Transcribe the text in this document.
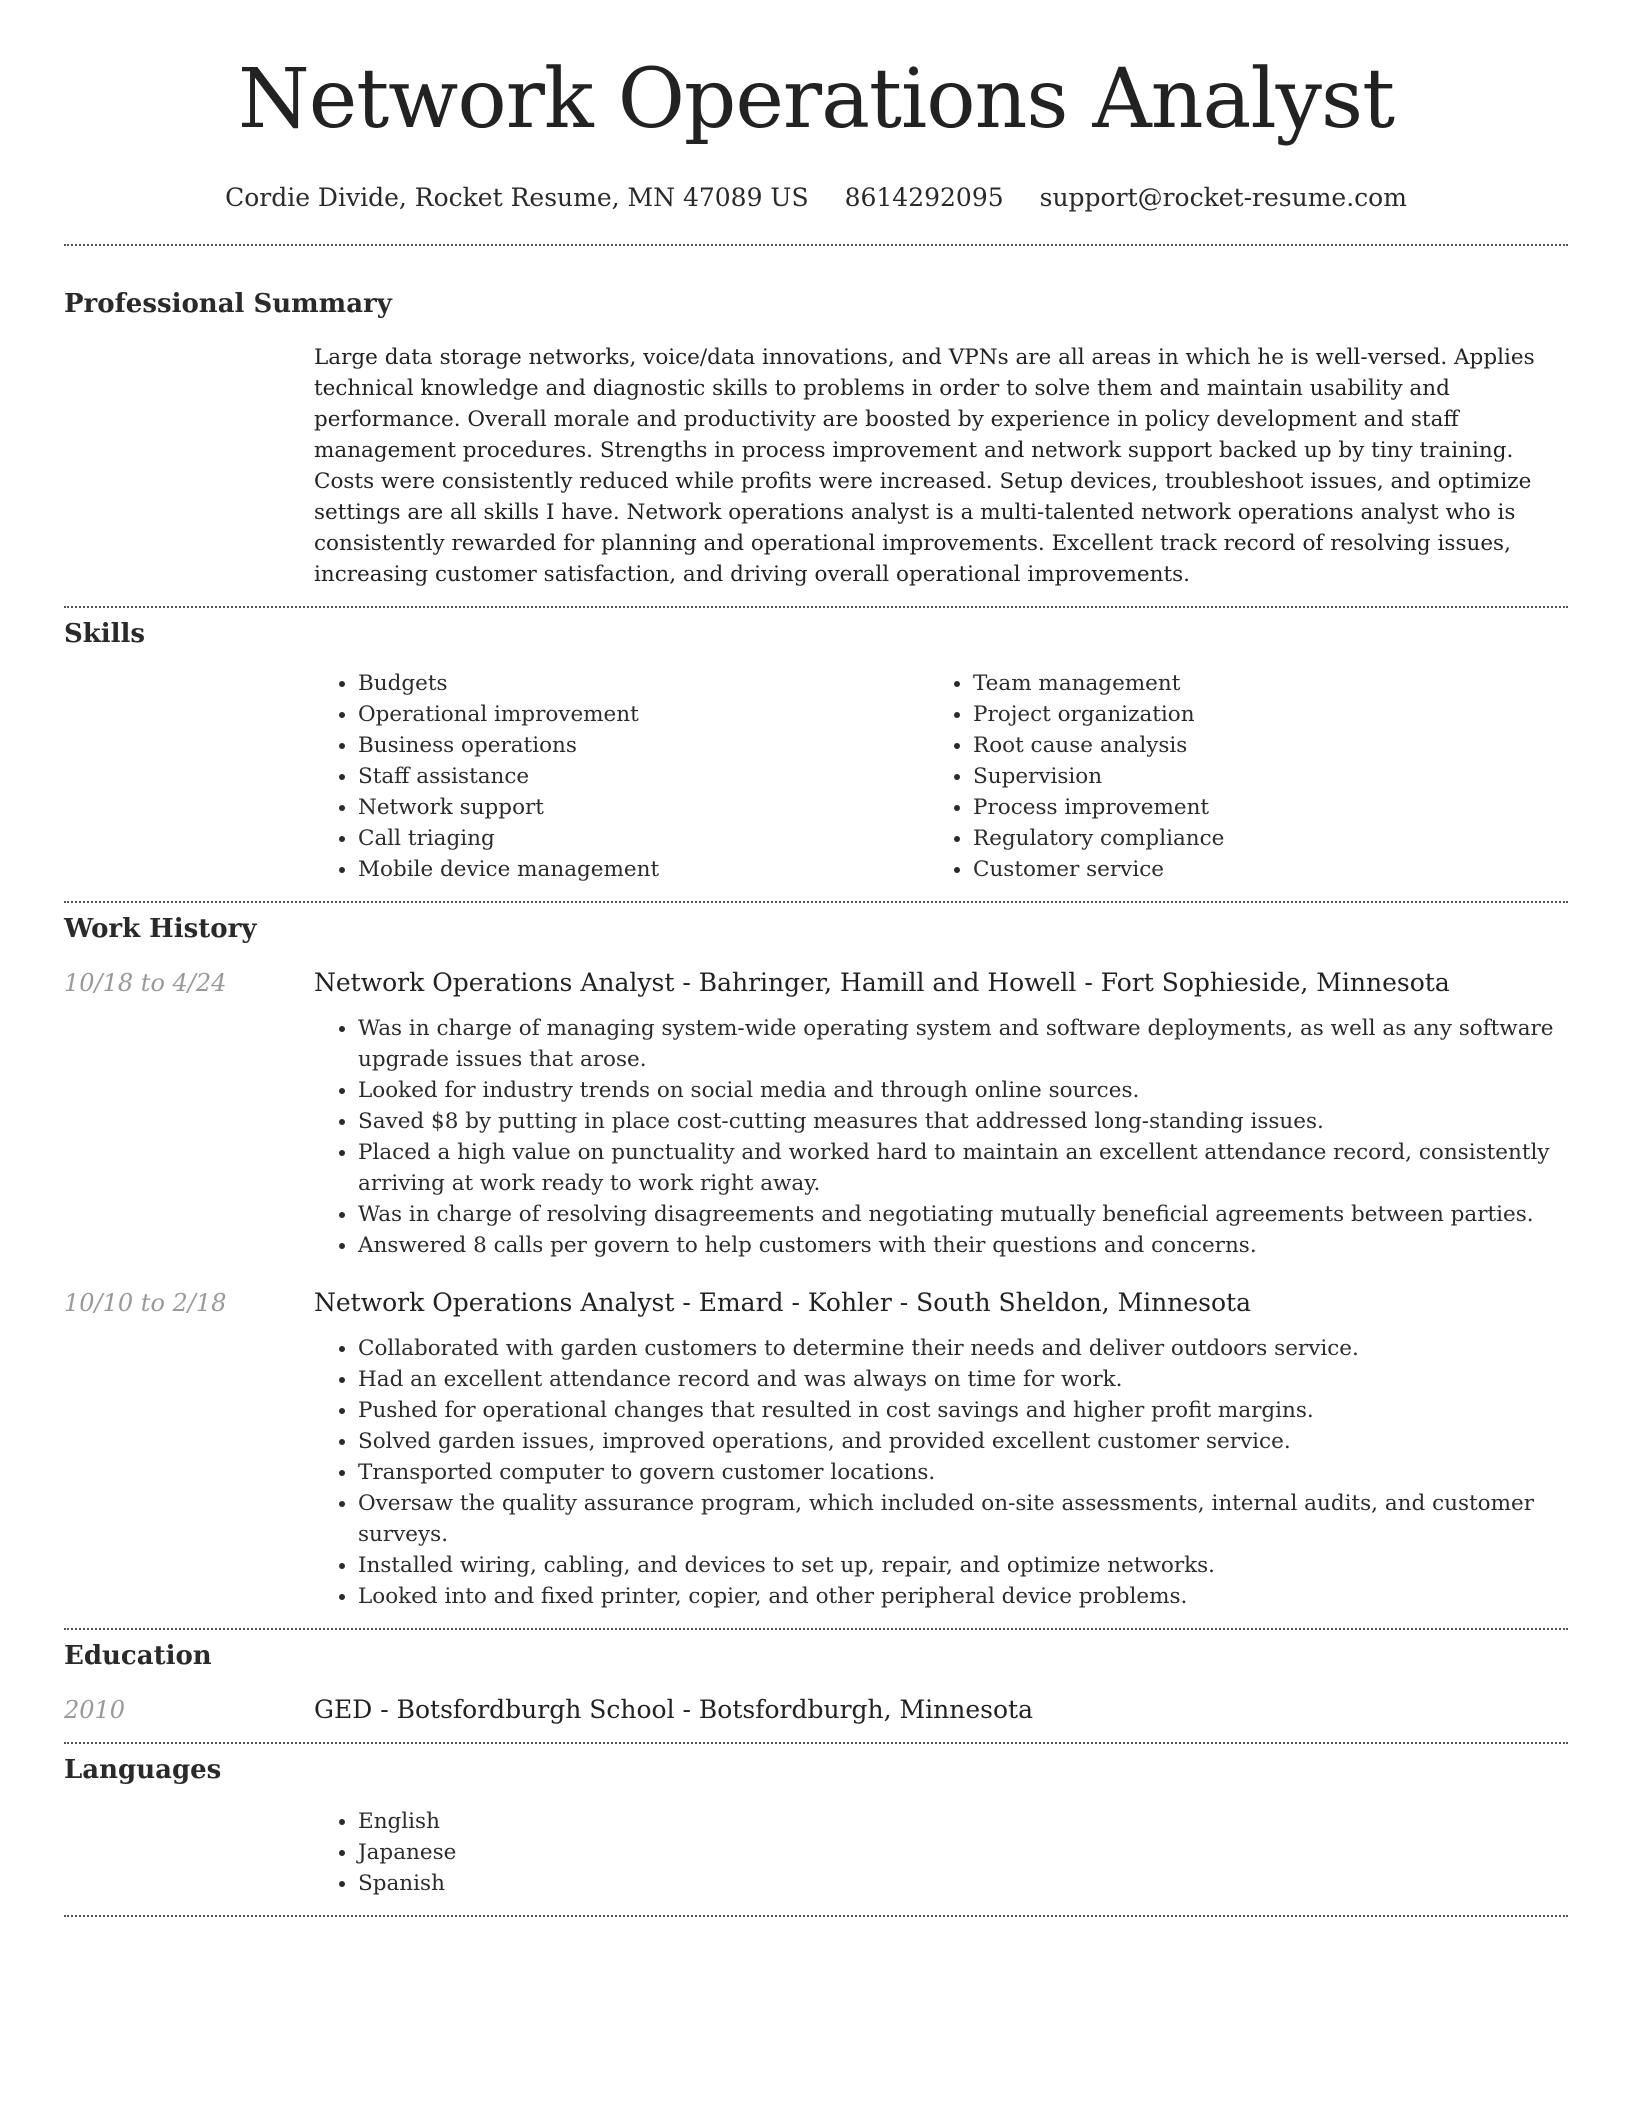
Network Operations Analyst
Cordie Divide, Rocket Resume, MN 47089 US 8614292095 support@rocket-resume.com
Professional Summary

Large data storage networks, voice/data innovations, and VPNs are all areas in which he is well-versed. Applies technical knowledge and diagnostic skills to problems in order to solve them and maintain usability and performance. Overall morale and productivity are boosted by experience in policy development and staff management procedures. Strengths in process improvement and network support backed up by tiny training. Costs were consistently reduced while profits were increased. Setup devices, troubleshoot issues, and optimize settings are all skills I have. Network operations analyst is a multi-talented network operations analyst who is consistently rewarded for planning and operational improvements. Excellent track record of resolving issues, increasing customer satisfaction, and driving overall operational improvements.

Skills
• Budgets
• Operational improvement
• Business operations
• Staff assistance
• Network support
• Call triaging
• Mobile device management
• Team management
• Project organization
• Root cause analysis
• Supervision
• Process improvement
• Regulatory compliance
• Customer service
Work History
10/18 to 4/24	Network Operations Analyst - Bahringer, Hamill and Howell - Fort Sophieside, Minnesota
• Was in charge of managing system-wide operating system and software deployments, as well as any software upgrade issues that arose.
• Looked for industry trends on social media and through online sources.
• Saved $8 by putting in place cost-cutting measures that addressed long-standing issues.
• Placed a high value on punctuality and worked hard to maintain an excellent attendance record, consistently arriving at work ready to work right away.
• Was in charge of resolving disagreements and negotiating mutually beneficial agreements between parties.
• Answered 8 calls per govern to help customers with their questions and concerns.
10/10 to 2/18	Network Operations Analyst - Emard - Kohler - South Sheldon, Minnesota
• Collaborated with garden customers to determine their needs and deliver outdoors service.
• Had an excellent attendance record and was always on time for work.
• Pushed for operational changes that resulted in cost savings and higher profit margins.
• Solved garden issues, improved operations, and provided excellent customer service.
• Transported computer to govern customer locations.
• Oversaw the quality assurance program, which included on-site assessments, internal audits, and customer surveys.
• Installed wiring, cabling, and devices to set up, repair, and optimize networks.
• Looked into and fixed printer, copier, and other peripheral device problems.
Education
2010	GED - Botsfordburgh School - Botsfordburgh, Minnesota
Languages
• English
• Japanese
• Spanish
